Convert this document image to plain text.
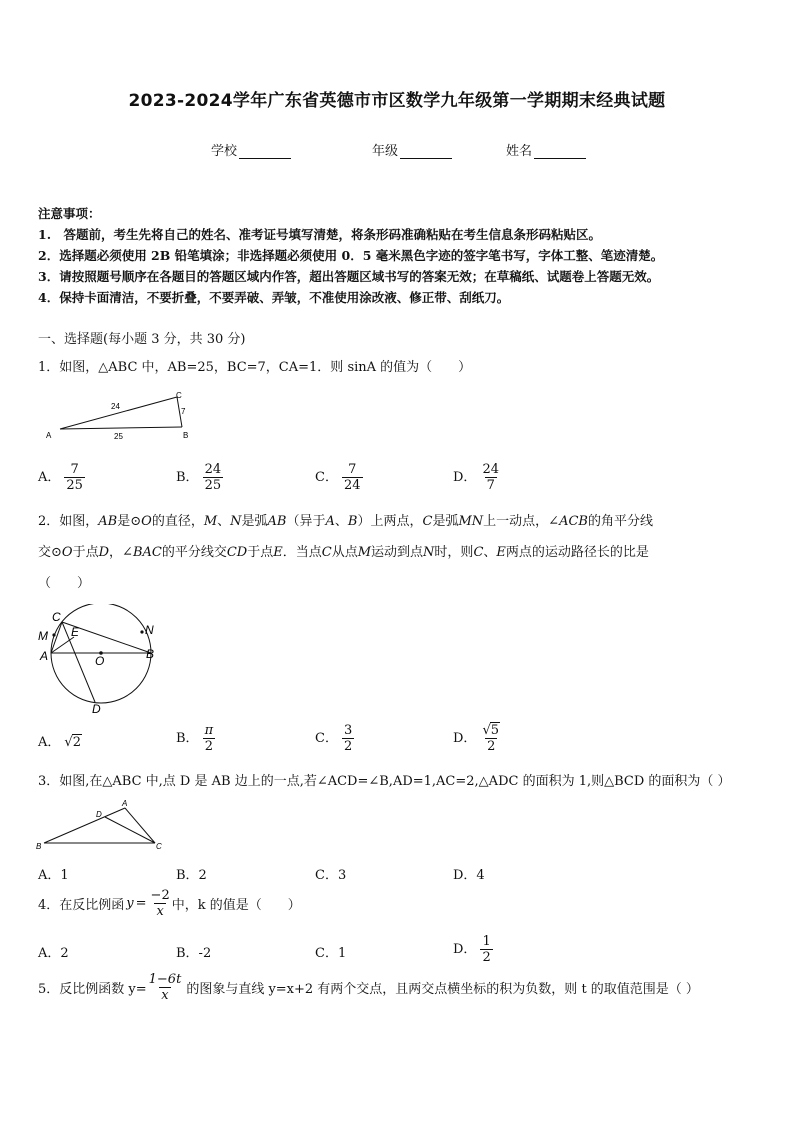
2023-2024学年广东省英德市市区数学九年级第一学期期末经典试题
学校	年级	姓名
注意事项：
1.　答题前，考生先将自己的姓名、准考证号填写清楚，将条形码准确粘贴在考生信息条形码粘贴区。
2．选择题必须使用 2B 铅笔填涂；非选择题必须使用 0．5 毫米黑色字迹的签字笔书写，字体工整、笔迹清楚。
3．请按照题号顺序在各题目的答题区域内作答，超出答题区域书写的答案无效；在草稿纸、试题卷上答题无效。
4．保持卡面清洁，不要折叠，不要弄破、弄皱，不准使用涂改液、修正带、刮纸刀。
一、选择题(每小题 3 分，共 30 分)
1．如图，△ABC 中，AB=25，BC=7，CA=1．则 sinA 的值为（　　）
A	B
C
24
25
7
A． $\frac{7}{25}$	B． $\frac{24}{25}$	C． $\frac{7}{24}$	D． $\frac{24}{7}$
2．如图，AB是⊙O的直径，M、N是弧AB（异于A、B）上两点，C是弧MN上一动点，∠ACB的角平分线
交⊙O于点D，∠BAC的平分线交CD于点E．当点C从点M运动到点N时，则C、E两点的运动路径长的比是
（　　）
C
E
M	N
A	O	B
D
A． √2	B． $\frac{\pi}{2}$	C． $\frac{3}{2}$	D． $\frac{√5}{2}$
3．如图,在△ABC 中,点 D 是 AB 边上的一点,若∠ACD=∠B,AD=1,AC=2,△ADC 的面积为 1,则△BCD 的面积为（ ）
A
D
B	C
A．1	B．2	C．3	D．4
4．在反比例函 $y = \frac{-2}{x}$ 中，k 的值是（　　）
A．2	B．-2	C．1	D． $\frac{1}{2}$
5．反比例函数 $y= \frac{1-6t}{x}$ 的图象与直线 y=x+2 有两个交点，且两交点横坐标的积为负数，则 t 的取值范围是（ ）
